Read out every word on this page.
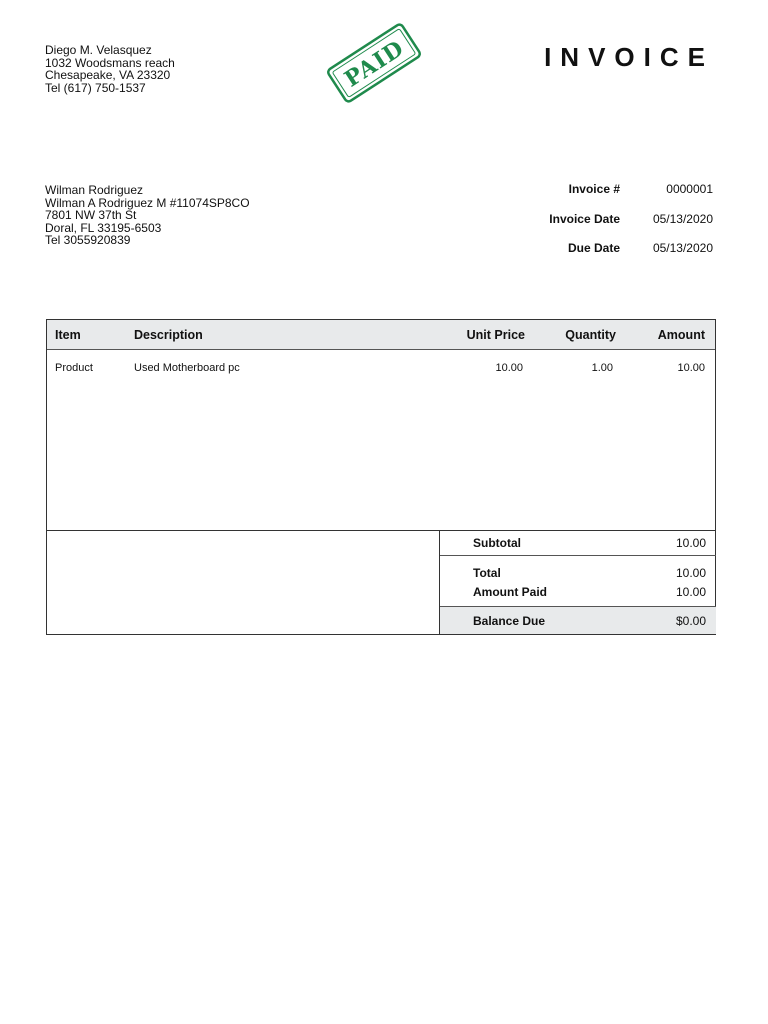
Diego M. Velasquez
1032 Woodsmans reach
Chesapeake, VA 23320
Tel (617) 750-1537	PAID	INVOICE
Wilman Rodriguez
Wilman A Rodriguez M #11074SP8CO
7801 NW 37th St
Doral, FL 33195-6503
Tel 3055920839
Invoice #	0000001
Invoice Date	05/13/2020
Due Date	05/13/2020
Item	Description	Unit Price	Quantity	Amount
Product	Used Motherboard pc	10.00	1.00	10.00
Subtotal	10.00
Total	10.00
Amount Paid	10.00
Balance Due	$0.00
